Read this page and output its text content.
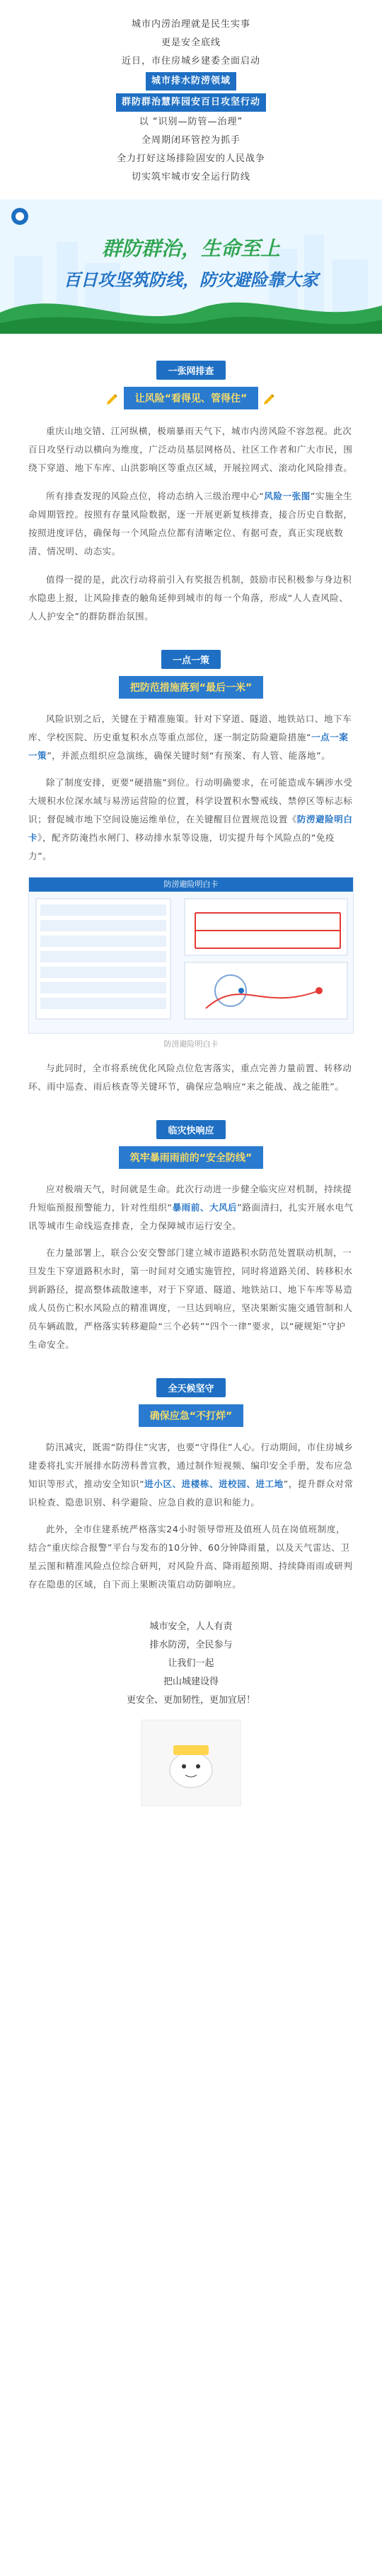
城市内涝治理就是民生实事

更是安全底线

近日，市住房城乡建委全面启动

城市排水防涝领域

群防群治慧阵园安百日攻坚行动

以 “识别—防管—治理”

全周期闭环管控为抓手

全力打好这场排险固安的人民战争

切实筑牢城市安全运行防线

群防群治，生命至上
百日攻坚筑防线，防灾避险靠大家
一张网排查
让风险“看得见、管得住”

重庆山地交错、江河纵横，极端暴雨天气下，城市内涝风险不容忽视。此次百日攻坚行动以横向为维度，广泛动员基层网格员、社区工作者和广大市民，围绕下穿道、地下车库、山洪影响区等重点区域，开展拉网式、滚动化风险排查。

所有排查发现的风险点位，将动态纳入三级治理中心“风险一张图”实施全生命周期管控。按照有存量风险数据，逐一开展更新复核排查，接合历史自数据，按照进度评估，确保每一个风险点位都有清晰定位、有据可查，真正实现底数清、情况明、动态实。

值得一提的是，此次行动将前引入有奖报告机制，鼓励市民积极参与身边积水隐患上报，让风险排查的触角延伸到城市的每一个角落，形成“人人查风险、人人护安全”的群防群治氛围。

一点一策
把防范措施落到“最后一米”

风险识别之后，关键在于精准施策。针对下穿道、隧道、地铁站口、地下车库、学校医院、历史重复积水点等重点部位，逐一制定防险避险措施“一点一案一策”，并派点组织应急演练，确保关键时刻“有预案、有人管、能落地”。

除了制度安排，更要“硬措施”到位。行动明确要求，在可能造成车辆涉水受大规积水位深水域与易涝运营险的位置，科学设置积水警戒线、禁停区等标志标识；督促城市地下空间设施运维单位，在关键醒目位置规范设置《防涝避险明白卡》，配齐防淹挡水闸门、移动排水泵等设施，切实提升每个风险点的“免疫力”。

防涝避险明白卡
防涝避险明白卡

与此同时，全市将系统优化风险点位危害落实，重点完善力量前置、转移动环、雨中巡查、雨后核查等关键环节，确保应急响应“来之能战、战之能胜”。

临灾快响应
筑牢暴雨雨前的“安全防线”

应对极端天气，时间就是生命。此次行动进一步健全临灾应对机制，持续提升短临预报预警能力，针对性组织“暴雨前、大风后”路面清扫，扎实开展水电气讯等城市生命线巡查排查，全力保障城市运行安全。

在力量部署上，联合公安交警部门建立城市道路积水防范处置联动机制，一旦发生下穿道路积水时，第一时间对交通实施管控，同时将道路关闭、转移积水到新路径，提高整体疏散速率，对于下穿道、隧道、地铁站口、地下车库等易造成人员伤亡积水风险点的精准调度，一旦达到响应，坚决果断实施交通管制和人员车辆疏散，严格落实转移避险“三个必转”“四个一律”要求，以“硬规矩”守护生命安全。

全天候坚守
确保应急“不打烊”

防汛减灾，既需“防得住”灾害，也要“守得住”人心。行动期间，市住房城乡建委将扎实开展排水防涝科普宣教，通过制作短视频、编印安全手册，发布应急知识等形式，推动安全知识“进小区、进楼栋、进校园、进工地”，提升群众对常识检查、隐患识别、科学避险、应急自救的意识和能力。

此外，全市住建系统严格落实24小时领导带班及值班人员在岗值班制度，结合“重庆综合报警”平台与发布的10分钟、60分钟降雨量，以及天气雷达、卫星云图和精准风险点位综合研判，对风险升高、降雨超预期、持续降雨雨或研判存在隐患的区域，自下而上果断决策启动防御响应。

城市安全，人人有责

排水防涝，全民参与

让我们一起

把山城建设得

更安全、更加韧性，更加宜居！
